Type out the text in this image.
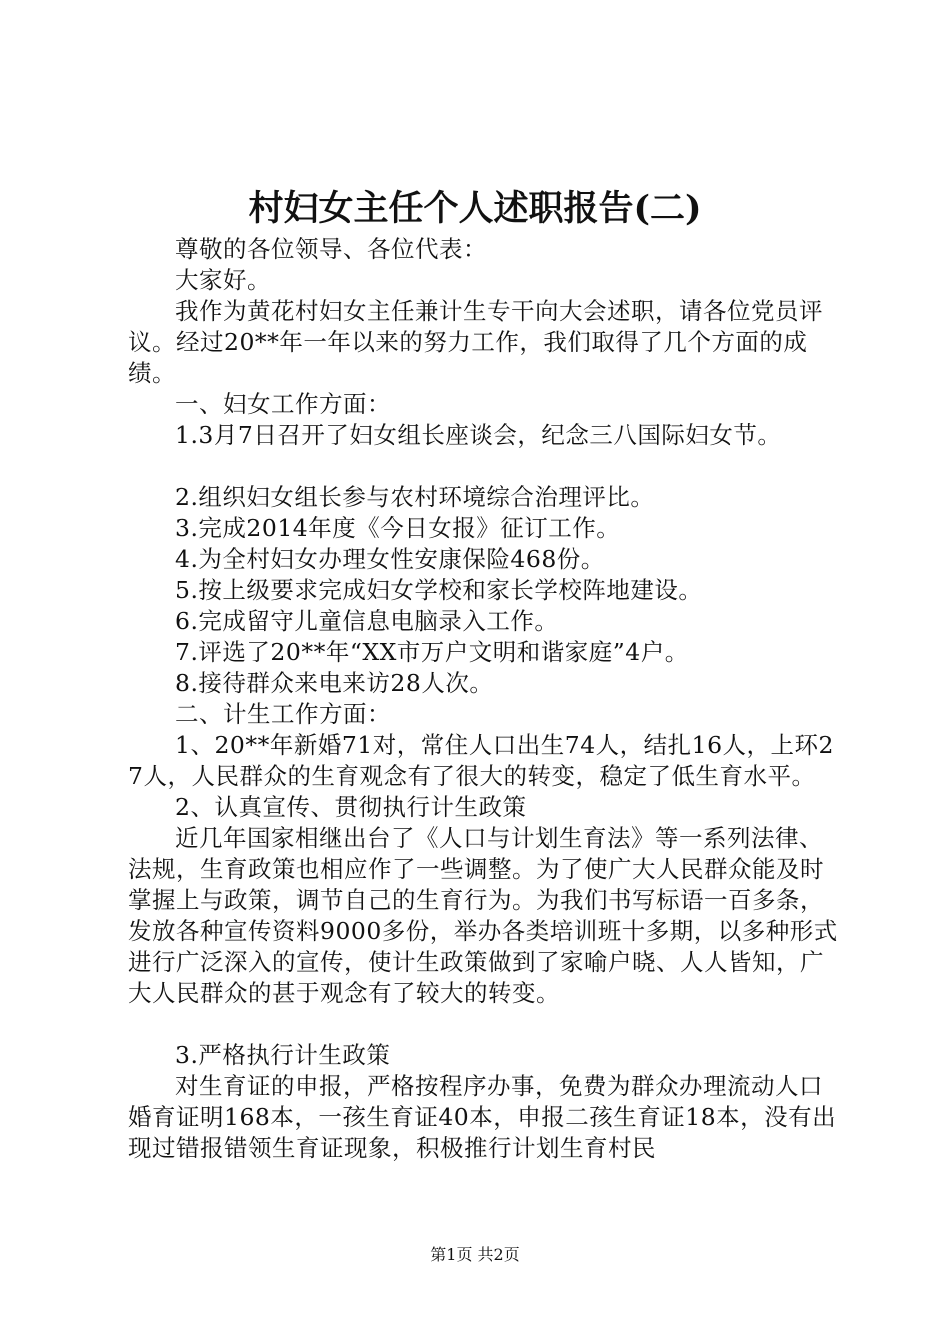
村妇女主任个人述职报告(二)

尊敬的各位领导、各位代表：

大家好。

我作为黄花村妇女主任兼计生专干向大会述职，请各位党员评议。经过20**年一年以来的努力工作，我们取得了几个方面的成绩。

一、妇女工作方面：

1.3月7日召开了妇女组长座谈会，纪念三八国际妇女节。

2.组织妇女组长参与农村环境综合治理评比。

3.完成2014年度《今日女报》征订工作。

4.为全村妇女办理女性安康保险468份。

5.按上级要求完成妇女学校和家长学校阵地建设。

6.完成留守儿童信息电脑录入工作。

7.评选了20**年“XX市万户文明和谐家庭”4户。

8.接待群众来电来访28人次。

二、计生工作方面：

1、20**年新婚71对，常住人口出生74人，结扎16人，上环27人，人民群众的生育观念有了很大的转变，稳定了低生育水平。

2、认真宣传、贯彻执行计生政策

近几年国家相继出台了《人口与计划生育法》等一系列法律、法规，生育政策也相应作了一些调整。为了使广大人民群众能及时掌握上与政策，调节自己的生育行为。为我们书写标语一百多条，发放各种宣传资料9000多份，举办各类培训班十多期，以多种形式进行广泛深入的宣传，使计生政策做到了家喻户晓、人人皆知，广大人民群众的甚于观念有了较大的转变。

3.严格执行计生政策

对生育证的申报，严格按程序办事，免费为群众办理流动人口婚育证明168本，一孩生育证40本，申报二孩生育证18本，没有出现过错报错领生育证现象，积极推行计划生育村民

第1页 共2页
